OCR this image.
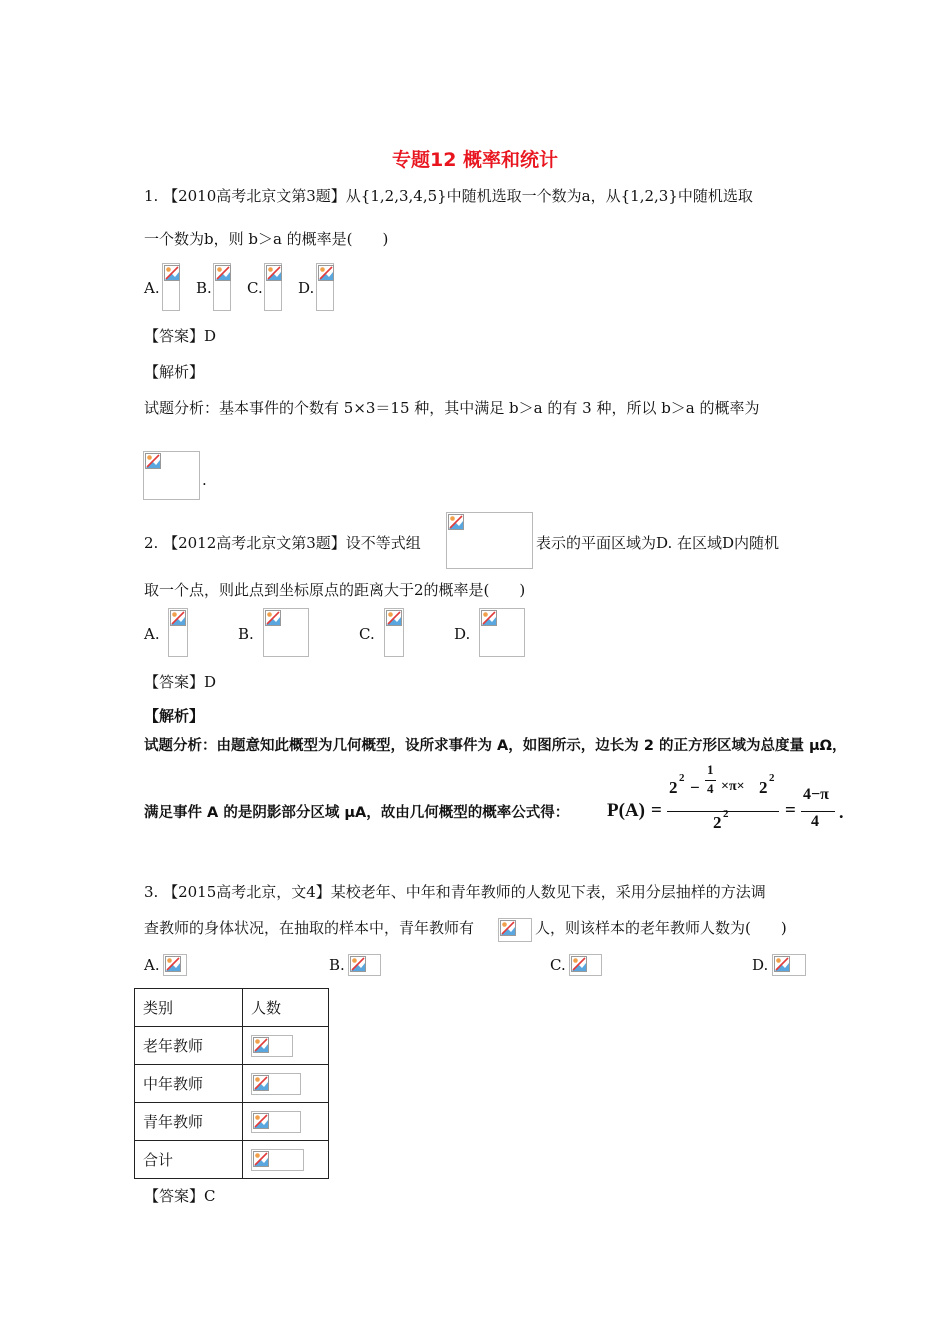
专题12 概率和统计
1. 【2010高考北京文第3题】从{1,2,3,4,5}中随机选取一个数为a，从{1,2,3}中随机选取
一个数为b，则 b＞a 的概率是(　　)
A. B. C. D.
【答案】D
【解析】
试题分析：基本事件的个数有 5×3＝15 种，其中满足 b＞a 的有 3 种，所以 b＞a 的概率为
.
2. 【2012高考北京文第3题】设不等式组	表示的平面区域为D. 在区域D内随机
取一个点，则此点到坐标原点的距离大于2的概率是(　　)
A.	B.	C.	D.
【答案】D
【解析】
试题分析：由题意知此概型为几何概型，设所求事件为 A，如图所示，边长为 2 的正方形区域为总度量 μΩ，
满足事件 A 的是阴影部分区域 μA，故由几何概型的概率公式得： P(A) =
2 2 −
1
4 ×π× 2 2
2 2	=
4−π
4 .
3. 【2015高考北京，文4】某校老年、中年和青年教师的人数见下表，采用分层抽样的方法调
查教师的身体状况，在抽取的样本中，青年教师有	人，则该样本的老年教师人数为(　　)
A.	B.	C.	D.
类别	人数
老年教师	

中年教师	

青年教师	

合计	
【答案】C
